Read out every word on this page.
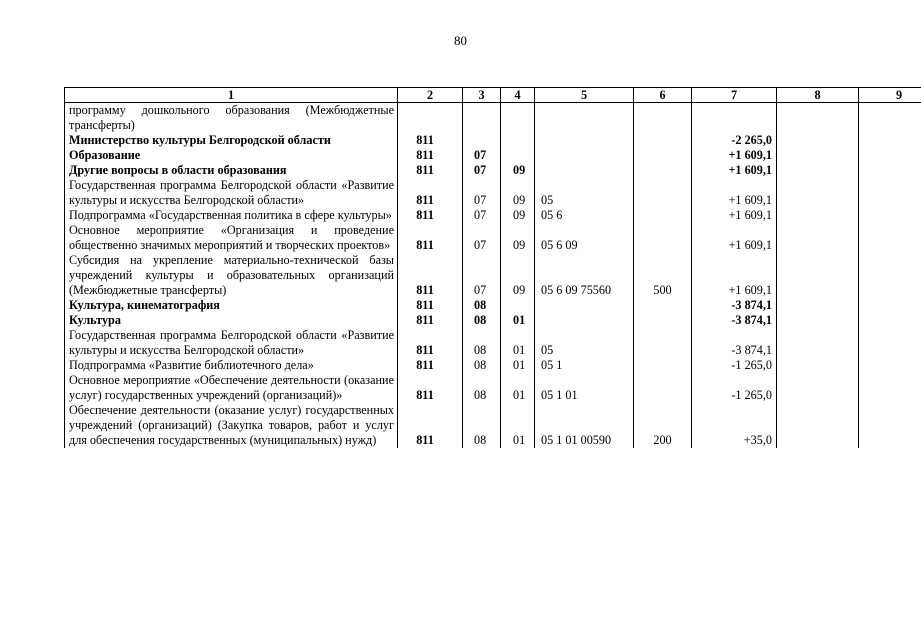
80
1	2	3	4	5	6	7	8	9
программу дошкольного образования (Межбюджетные трансферты)								
Министерство культуры Белгородской области	811					-2 265,0		
Образование	811	07				+1 609,1		
Другие вопросы в области образования	811	07	09			+1 609,1		
Государственная программа Белгородской области «Развитие культуры и искусства Белгородской области»	811	07	09	05		+1 609,1		
Подпрограмма «Государственная политика в сфере культуры»	811	07	09	05 6		+1 609,1		
Основное мероприятие «Организация и проведение общественно значимых мероприятий и творческих проектов»	811	07	09	05 6 09		+1 609,1		
Субсидия на укрепление материально-технической базы учреждений культуры и образовательных организаций (Межбюджетные трансферты)	811	07	09	05 6 09 75560	500	+1 609,1		
Культура, кинематография	811	08				-3 874,1		
Культура	811	08	01			-3 874,1		
Государственная программа Белгородской области «Развитие культуры и искусства Белгородской области»	811	08	01	05		-3 874,1		
Подпрограмма «Развитие библиотечного дела»	811	08	01	05 1		-1 265,0		
Основное мероприятие «Обеспечение деятельности (оказание услуг) государственных учреждений (организаций)»	811	08	01	05 1 01		-1 265,0		
Обеспечение деятельности (оказание услуг) государственных учреждений (организаций) (Закупка товаров, работ и услуг для обеспечения государственных (муниципальных) нужд)	811	08	01	05 1 01 00590	200	+35,0		
